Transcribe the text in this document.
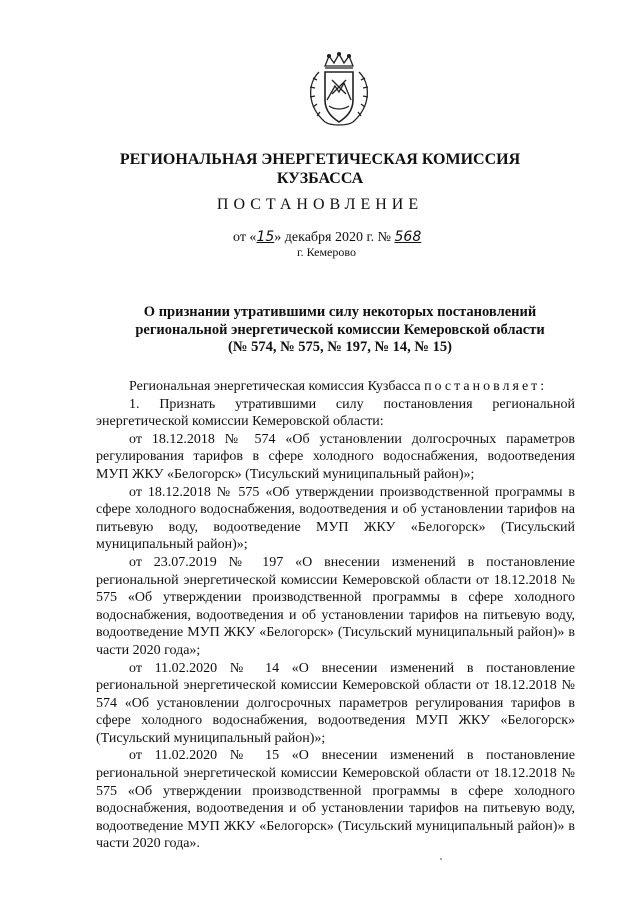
РЕГИОНАЛЬНАЯ ЭНЕРГЕТИЧЕСКАЯ КОМИССИЯ
КУЗБАССА
ПОСТАНОВЛЕНИЕ
от «15» декабря 2020 г. № 568
г. Кемерово
О признании утратившими силу некоторых постановлений
региональной энергетической комиссии Кемеровской области
(№ 574, № 575, № 197, № 14, № 15)

Региональная энергетическая комиссия Кузбасса постановляет:

1. Признать утратившими силу постановления региональной энергетической комиссии Кемеровской области:

от 18.12.2018 № 574 «Об установлении долгосрочных параметров регулирования тарифов в сфере холодного водоснабжения, водоотведения МУП ЖКУ «Белогорск» (Тисульский муниципальный район)»;

от 18.12.2018 № 575 «Об утверждении производственной программы в сфере холодного водоснабжения, водоотведения и об установлении тарифов на питьевую воду, водоотведение МУП ЖКУ «Белогорск» (Тисульский муниципальный район)»;

от 23.07.2019 № 197 «О внесении изменений в постановление региональной энергетической комиссии Кемеровской области от 18.12.2018 № 575 «Об утверждении производственной программы в сфере холодного водоснабжения, водоотведения и об установлении тарифов на питьевую воду, водоотведение МУП ЖКУ «Белогорск» (Тисульский муниципальный район)» в части 2020 года»;

от 11.02.2020 № 14 «О внесении изменений в постановление региональной энергетической комиссии Кемеровской области от 18.12.2018 № 574 «Об установлении долгосрочных параметров регулирования тарифов в сфере холодного водоснабжения, водоотведения МУП ЖКУ «Белогорск» (Тисульский муниципальный район)»;

от 11.02.2020 № 15 «О внесении изменений в постановление региональной энергетической комиссии Кемеровской области от 18.12.2018 № 575 «Об утверждении производственной программы в сфере холодного водоснабжения, водоотведения и об установлении тарифов на питьевую воду, водоотведение МУП ЖКУ «Белогорск» (Тисульский муниципальный район)» в части 2020 года».
